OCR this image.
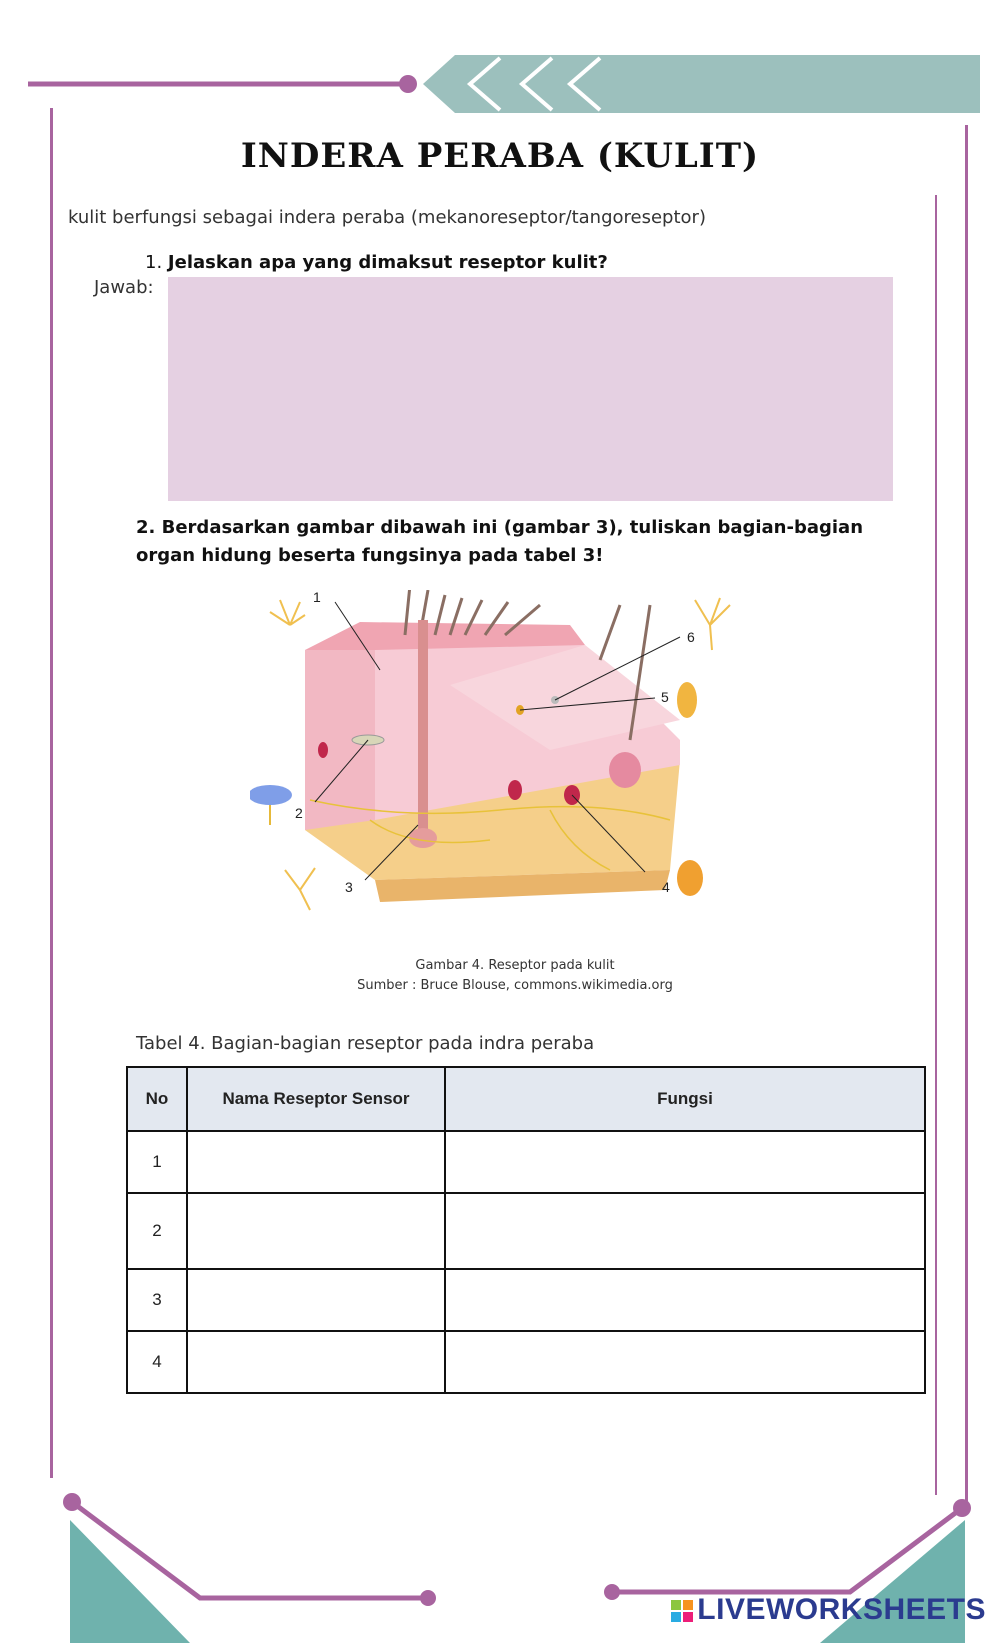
INDERA PERABA (KULIT)
kulit berfungsi sebagai indera peraba (mekanoreseptor/tangoreseptor)
1. Jelaskan apa yang dimaksut reseptor kulit?
Jawab:
2. Berdasarkan gambar dibawah ini (gambar 3), tuliskan bagian-bagian organ hidung beserta fungsinya pada tabel 3!
1
2
3	4
5
6
Gambar 4. Reseptor pada kulit
Sumber : Bruce Blouse, commons.wikimedia.org
Tabel 4. Bagian-bagian reseptor pada indra peraba
No	Nama Reseptor Sensor	Fungsi
1		
2		
3		
4		
LIVEWORKSHEETS
